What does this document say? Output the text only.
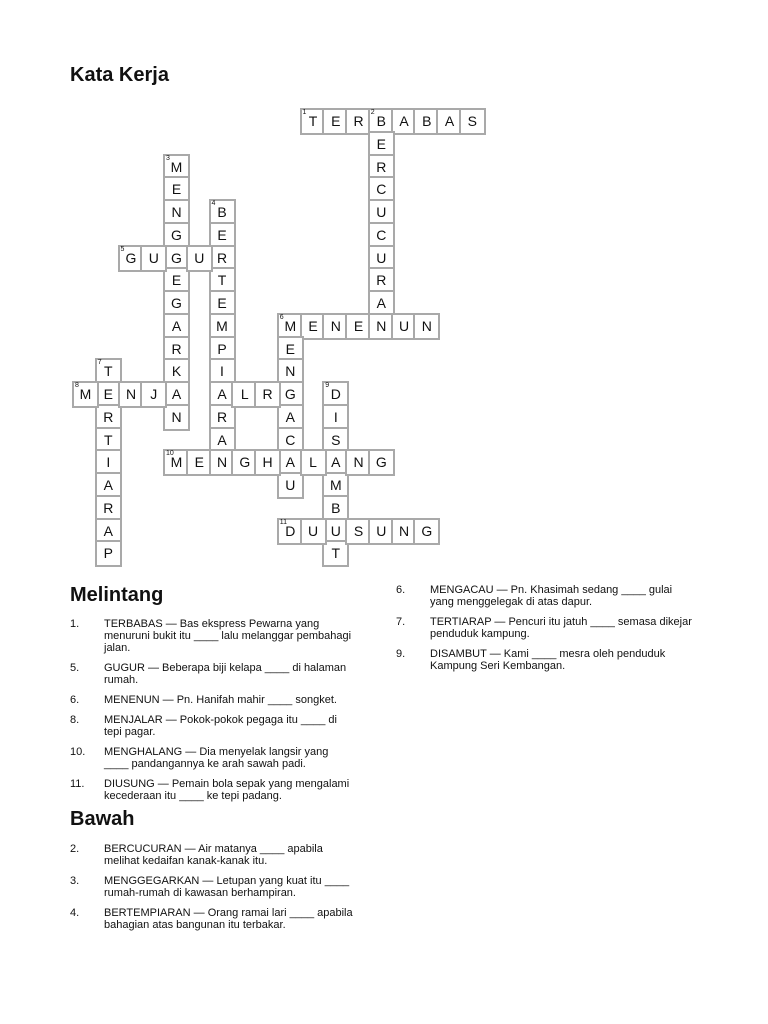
Kata Kerja
T
1
E R B
2
A B A S
E
R
C
U
C
U
R
A
M
3
E
N
G
G
E
G
A
R
K
A
N
B
4
E
R
T
E
M
P
I
A
R
A
G
5
U	U
M
6
E N E N U N
E
N
G
A
C
A
U
T
7
E
R
T
I
A
R
A
P
M
8
N	J	L R	D
9
I
S
A
M
B
U
T
M
10
E N G H	L	N G
D
11
U	S U N G
Melintang
1.	TERBABAS — Bas ekspress Pewarna yang menuruni bukit itu ____ lalu melanggar pembahagi jalan.
5.	GUGUR — Beberapa biji kelapa ____ di halaman rumah.
6.	MENENUN — Pn. Hanifah mahir ____ songket.
8.	MENJALAR — Pokok-pokok pegaga itu ____ di tepi pagar.
10.	MENGHALANG — Dia menyelak langsir yang ____ pandangannya ke arah sawah padi.
11.	DIUSUNG — Pemain bola sepak yang mengalami kecederaan itu ____ ke tepi padang.
6.	MENGACAU — Pn. Khasimah sedang ____ gulai yang menggelegak di atas dapur.
7.	TERTIARAP — Pencuri itu jatuh ____ semasa dikejar penduduk kampung.
9.	DISAMBUT — Kami ____ mesra oleh penduduk Kampung Seri Kembangan.
Bawah
2.	BERCUCURAN — Air matanya ____ apabila melihat kedaifan kanak-kanak itu.
3.	MENGGEGARKAN — Letupan yang kuat itu ____ rumah-rumah di kawasan berhampiran.
4.	BERTEMPIARAN — Orang ramai lari ____ apabila bahagian atas bangunan itu terbakar.
